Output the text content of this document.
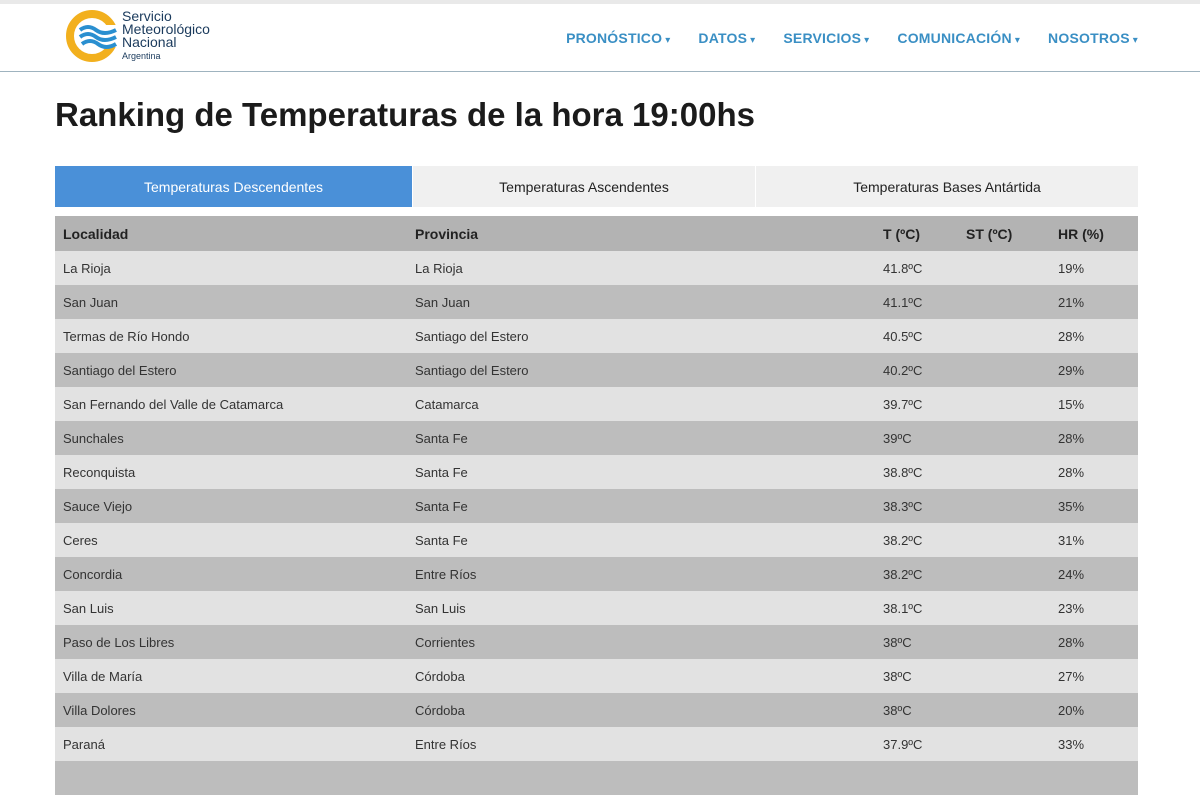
Servicio
Meteorológico
Nacional
Argentina
PRONÓSTICO ▾ DATOS ▾ SERVICIOS ▾ COMUNICACIÓN ▾ NOSOTROS ▾
Ranking de Temperaturas de la hora 19:00hs
Temperaturas Descendentes	Temperaturas Ascendentes	Temperaturas Bases Antártida
Localidad	Provincia	T (ºC)	ST (ºC)	HR (%)
La Rioja	La Rioja	41.8ºC		19%
San Juan	San Juan	41.1ºC		21%
Termas de Río Hondo	Santiago del Estero	40.5ºC		28%
Santiago del Estero	Santiago del Estero	40.2ºC		29%
San Fernando del Valle de Catamarca	Catamarca	39.7ºC		15%
Sunchales	Santa Fe	39ºC		28%
Reconquista	Santa Fe	38.8ºC		28%
Sauce Viejo	Santa Fe	38.3ºC		35%
Ceres	Santa Fe	38.2ºC		31%
Concordia	Entre Ríos	38.2ºC		24%
San Luis	San Luis	38.1ºC		23%
Paso de Los Libres	Corrientes	38ºC		28%
Villa de María	Córdoba	38ºC		27%
Villa Dolores	Córdoba	38ºC		20%
Paraná	Entre Ríos	37.9ºC		33%
